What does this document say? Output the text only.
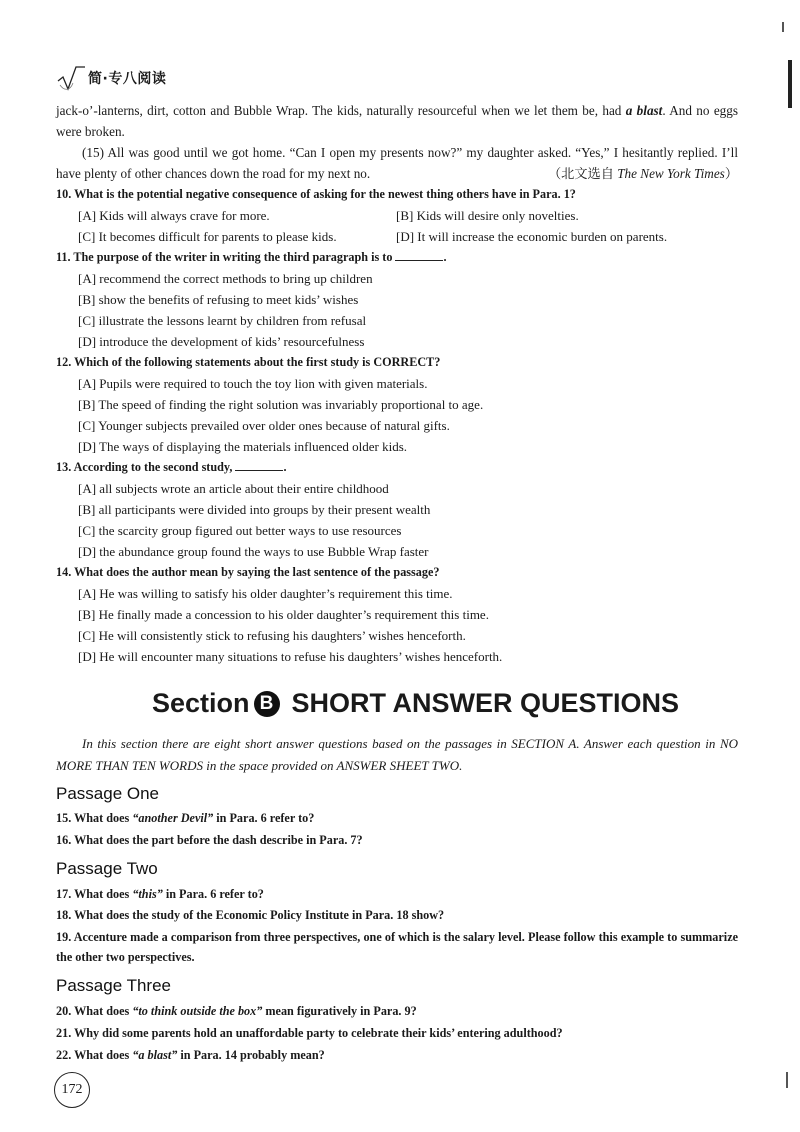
简·专八阅读

jack-o’-lanterns, dirt, cotton and Bubble Wrap. The kids, naturally resourceful when we let them be, had a blast. And no eggs were broken.

(15) All was good until we got home. “Can I open my presents now?” my daughter asked. “Yes,” I hesitantly replied. I’ll have plenty of other chances down the road for my next no.	（北文选自 The New York Times）

10. What is the potential negative consequence of asking for the newest thing others have in Para. 1?

[A] Kids will always crave for more.	[B] Kids will desire only novelties.
[C] It becomes difficult for parents to please kids.	[D] It will increase the economic burden on parents.

11. The purpose of the writer in writing the third paragraph is to	.

[A] recommend the correct methods to bring up children

[B] show the benefits of refusing to meet kids’ wishes

[C] illustrate the lessons learnt by children from refusal

[D] introduce the development of kids’ resourcefulness

12. Which of the following statements about the first study is CORRECT?

[A] Pupils were required to touch the toy lion with given materials.

[B] The speed of finding the right solution was invariably proportional to age.

[C] Younger subjects prevailed over older ones because of natural gifts.

[D] The ways of displaying the materials influenced older kids.

13. According to the second study,	.

[A] all subjects wrote an article about their entire childhood

[B] all participants were divided into groups by their present wealth

[C] the scarcity group figured out better ways to use resources

[D] the abundance group found the ways to use Bubble Wrap faster

14. What does the author mean by saying the last sentence of the passage?

[A] He was willing to satisfy his older daughter’s requirement this time.

[B] He finally made a concession to his older daughter’s requirement this time.

[C] He will consistently stick to refusing his daughters’ wishes henceforth.

[D] He will encounter many situations to refuse his daughters’ wishes henceforth.

Section B SHORT ANSWER QUESTIONS
In this section there are eight short answer questions based on the passages in SECTION A. Answer each question in NO MORE THAN TEN WORDS in the space provided on ANSWER SHEET TWO.
Passage One
15. What does “another Devil” in Para. 6 refer to?
16. What does the part before the dash describe in Para. 7?
Passage Two
17. What does “this” in Para. 6 refer to?
18. What does the study of the Economic Policy Institute in Para. 18 show?
19. Accenture made a comparison from three perspectives, one of which is the salary level. Please follow this example to summarize the other two perspectives.
Passage Three
20. What does “to think outside the box” mean figuratively in Para. 9?
21. Why did some parents hold an unaffordable party to celebrate their kids’ entering adulthood?
22. What does “a blast” in Para. 14 probably mean?
172
